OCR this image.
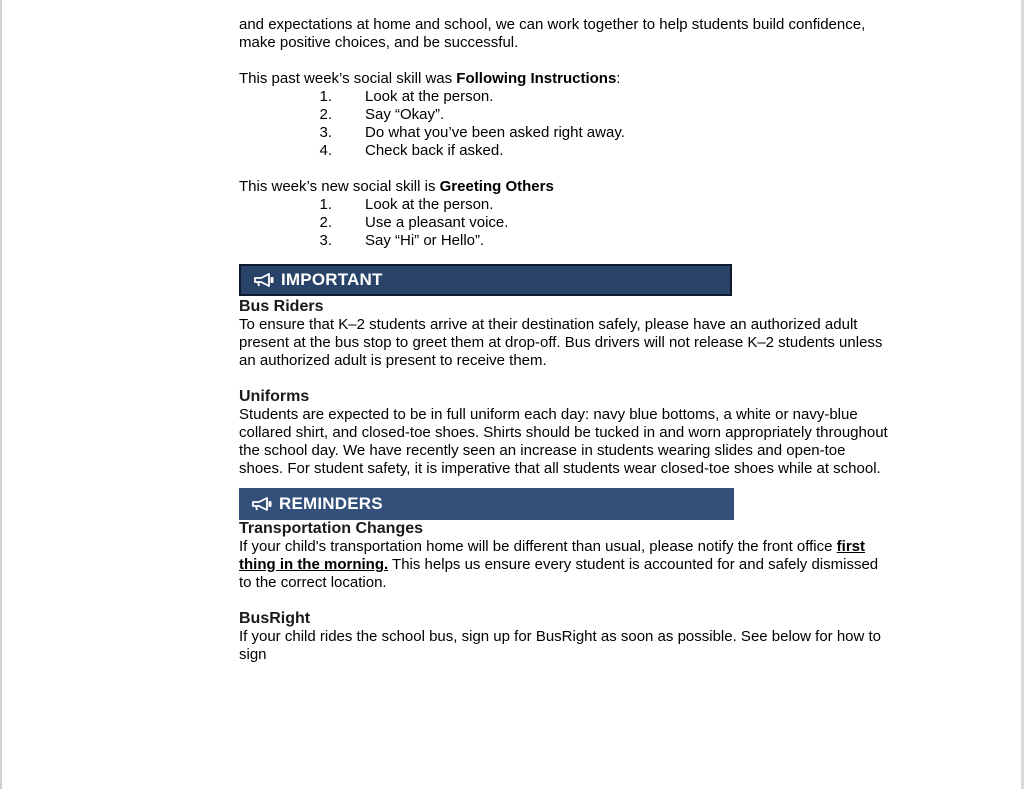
and expectations at home and school, we can work together to help students build confidence,

make positive choices, and be successful.

This past week’s social skill was Following Instructions:

1.	Look at the person.
2.	Say “Okay”.
3.	Do what you’ve been asked right away.
4.	Check back if asked.

This week’s new social skill is Greeting Others

1.	Look at the person.
2.	Use a pleasant voice.
3.	Say “Hi” or Hello”.
IMPORTANT
Bus Riders

To ensure that K–2 students arrive at their destination safely, please have an authorized adult

present at the bus stop to greet them at drop-off. Bus drivers will not release K–2 students unless

an authorized adult is present to receive them.

Uniforms

Students are expected to be in full uniform each day: navy blue bottoms, a white or navy-blue

collared shirt, and closed-toe shoes. Shirts should be tucked in and worn appropriately throughout

the school day. We have recently seen an increase in students wearing slides and open-toe

shoes. For student safety, it is imperative that all students wear closed-toe shoes while at school.

REMINDERS
Transportation Changes

If your child's transportation home will be different than usual, please notify the front office first

thing in the morning. This helps us ensure every student is accounted for and safely dismissed

to the correct location.

BusRight

If your child rides the school bus, sign up for BusRight as soon as possible. See below for how to

sign
